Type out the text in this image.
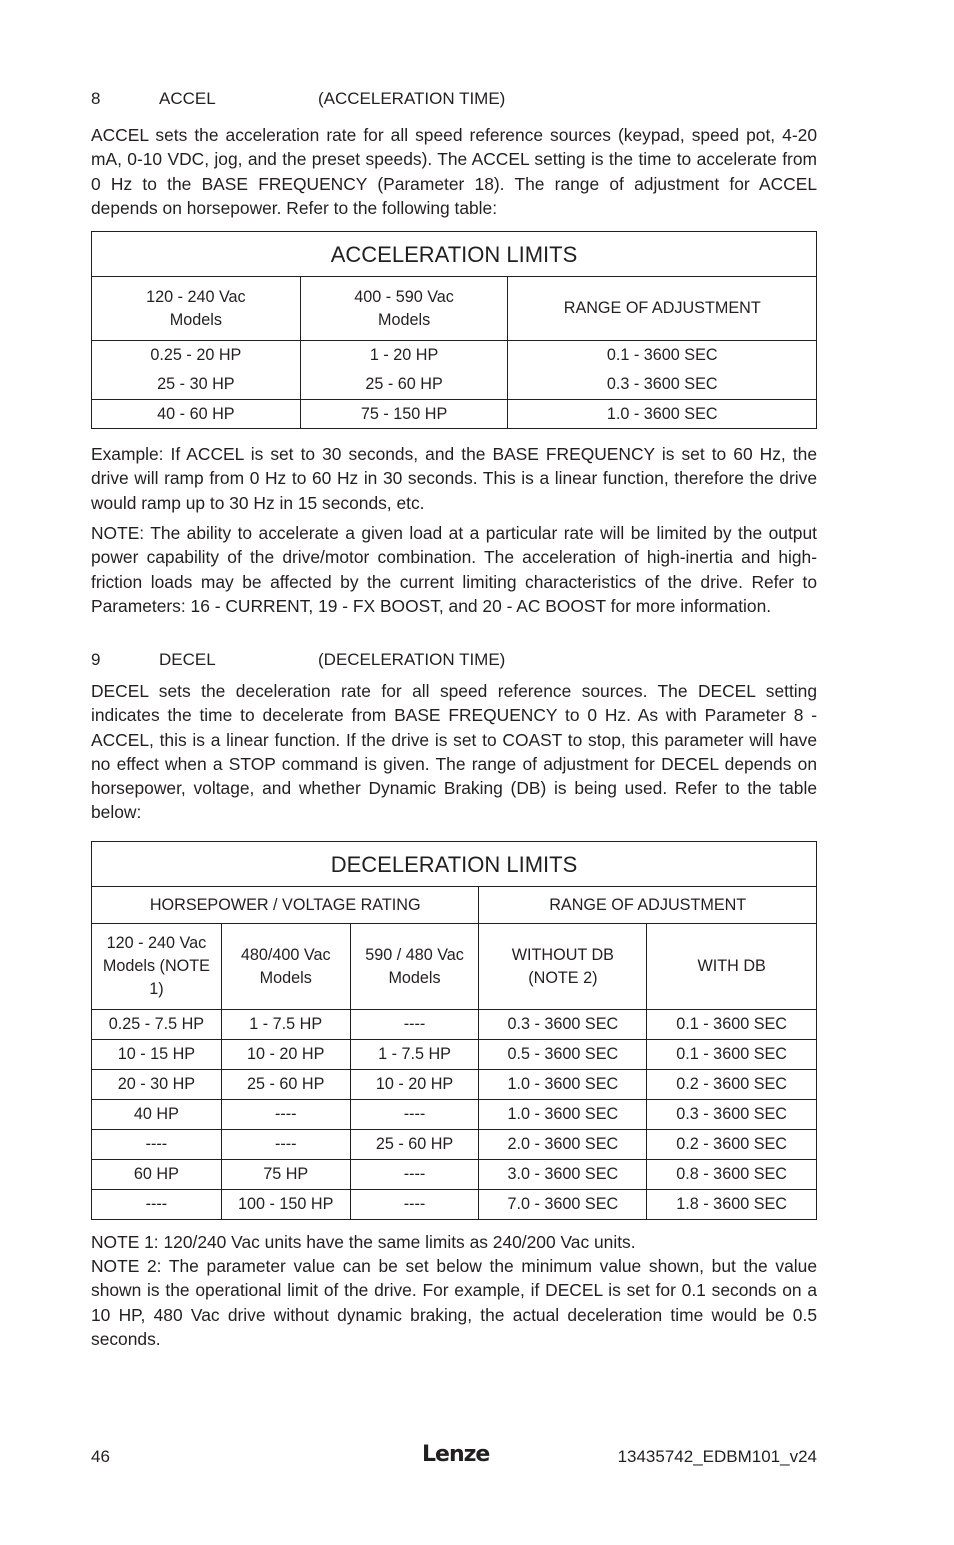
8	ACCEL	(ACCELERATION TIME)

ACCEL sets the acceleration rate for all speed reference sources (keypad, speed pot, 4-20 mA, 0-10 VDC, jog, and the preset speeds). The ACCEL setting is the time to accelerate from 0 Hz to the BASE FREQUENCY (Parameter 18). The range of adjustment for ACCEL depends on horsepower. Refer to the following table:

ACCELERATION LIMITS		
120 - 240 Vac Models	400 - 590 Vac Models	RANGE OF ADJUSTMENT
0.25 - 20 HP	1 - 20 HP	0.1 - 3600 SEC
25 - 30 HP	25 - 60 HP	0.3 - 3600 SEC
40 - 60 HP	75 - 150 HP	1.0 - 3600 SEC

Example: If ACCEL is set to 30 seconds, and the BASE FREQUENCY is set to 60 Hz, the drive will ramp from 0 Hz to 60 Hz in 30 seconds. This is a linear function, therefore the drive would ramp up to 30 Hz in 15 seconds, etc.

NOTE: The ability to accelerate a given load at a particular rate will be limited by the output power capability of the drive/motor combination. The acceleration of high-inertia and high-friction loads may be affected by the current limiting characteristics of the drive. Refer to Parameters: 16 - CURRENT, 19 - FX BOOST, and 20 - AC BOOST for more information.

9	DECEL	(DECELERATION TIME)

DECEL sets the deceleration rate for all speed reference sources. The DECEL setting indicates the time to decelerate from BASE FREQUENCY to 0 Hz. As with Parameter 8 - ACCEL, this is a linear function. If the drive is set to COAST to stop, this parameter will have no effect when a STOP command is given. The range of adjustment for DECEL depends on horsepower, voltage, and whether Dynamic Braking (DB) is being used. Refer to the table below:

DECELERATION LIMITS				
HORSEPOWER / VOLTAGE RATING			RANGE OF ADJUSTMENT	
120 - 240 Vac Models (NOTE 1)	480/400 Vac Models	590 / 480 Vac Models	WITHOUT DB (NOTE 2)	WITH DB
0.25 - 7.5 HP	1 - 7.5 HP	----	0.3 - 3600 SEC	0.1 - 3600 SEC
10 - 15 HP	10 - 20 HP	1 - 7.5 HP	0.5 - 3600 SEC	0.1 - 3600 SEC
20 - 30 HP	25 - 60 HP	10 - 20 HP	1.0 - 3600 SEC	0.2 - 3600 SEC
40 HP	----	----	1.0 - 3600 SEC	0.3 - 3600 SEC
----	----	25 - 60 HP	2.0 - 3600 SEC	0.2 - 3600 SEC
60 HP	75 HP	----	3.0 - 3600 SEC	0.8 - 3600 SEC
----	100 - 150 HP	----	7.0 - 3600 SEC	1.8 - 3600 SEC

NOTE 1: 120/240 Vac units have the same limits as 240/200 Vac units.

NOTE 2: The parameter value can be set below the minimum value shown, but the value shown is the operational limit of the drive. For example, if DECEL is set for 0.1 seconds on a 10 HP, 480 Vac drive without dynamic braking, the actual deceleration time would be 0.5 seconds.

46	Lenze	13435742_EDBM101_v24
